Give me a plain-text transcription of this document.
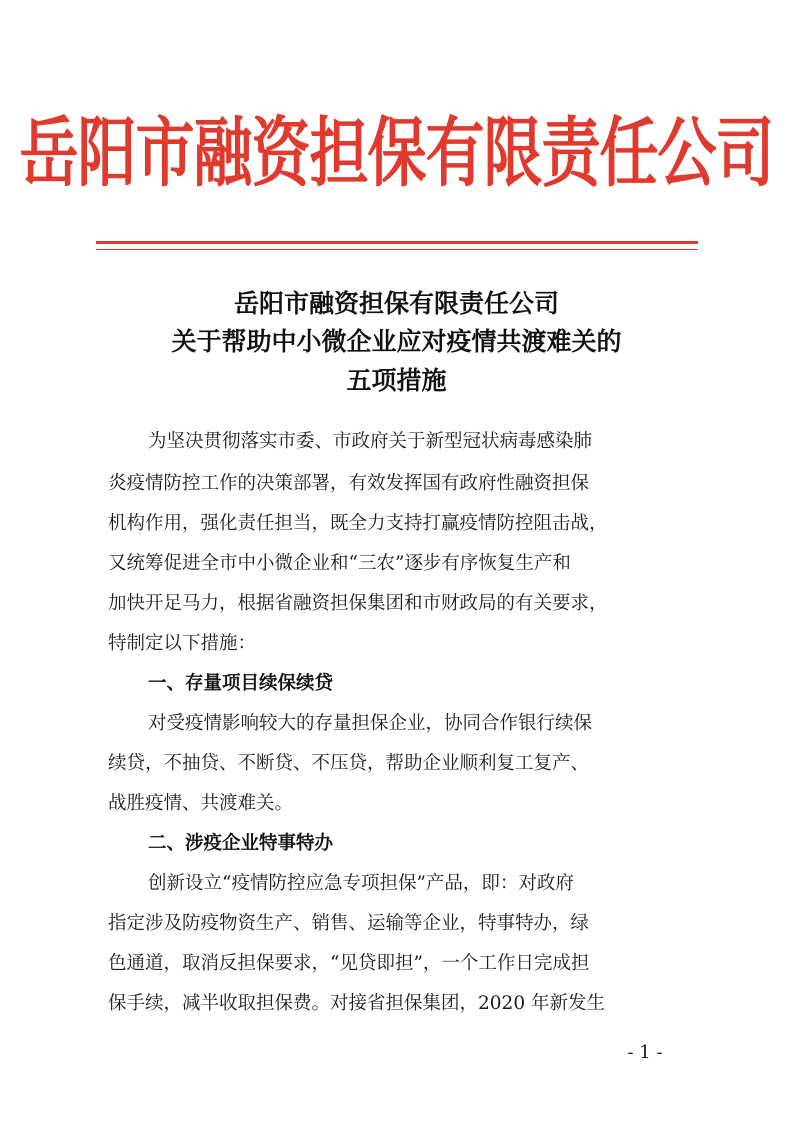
岳阳市融资担保有限责任公司
岳阳市融资担保有限责任公司
关于帮助中小微企业应对疫情共渡难关的
五项措施
为坚决贯彻落实市委、市政府关于新型冠状病毒感染肺
炎疫情防控工作的决策部署，有效发挥国有政府性融资担保
机构作用，强化责任担当，既全力支持打赢疫情防控阻击战，
又统筹促进全市中小微企业和“三农”逐步有序恢复生产和
加快开足马力，根据省融资担保集团和市财政局的有关要求，
特制定以下措施：
一、存量项目续保续贷
对受疫情影响较大的存量担保企业，协同合作银行续保
续贷，不抽贷、不断贷、不压贷，帮助企业顺利复工复产、
战胜疫情、共渡难关。
二、涉疫企业特事特办
创新设立“疫情防控应急专项担保”产品，即：对政府
指定涉及防疫物资生产、销售、运输等企业，特事特办，绿
色通道，取消反担保要求，“见贷即担”，一个工作日完成担
保手续，减半收取担保费。对接省担保集团，2020 年新发生
- 1 -
